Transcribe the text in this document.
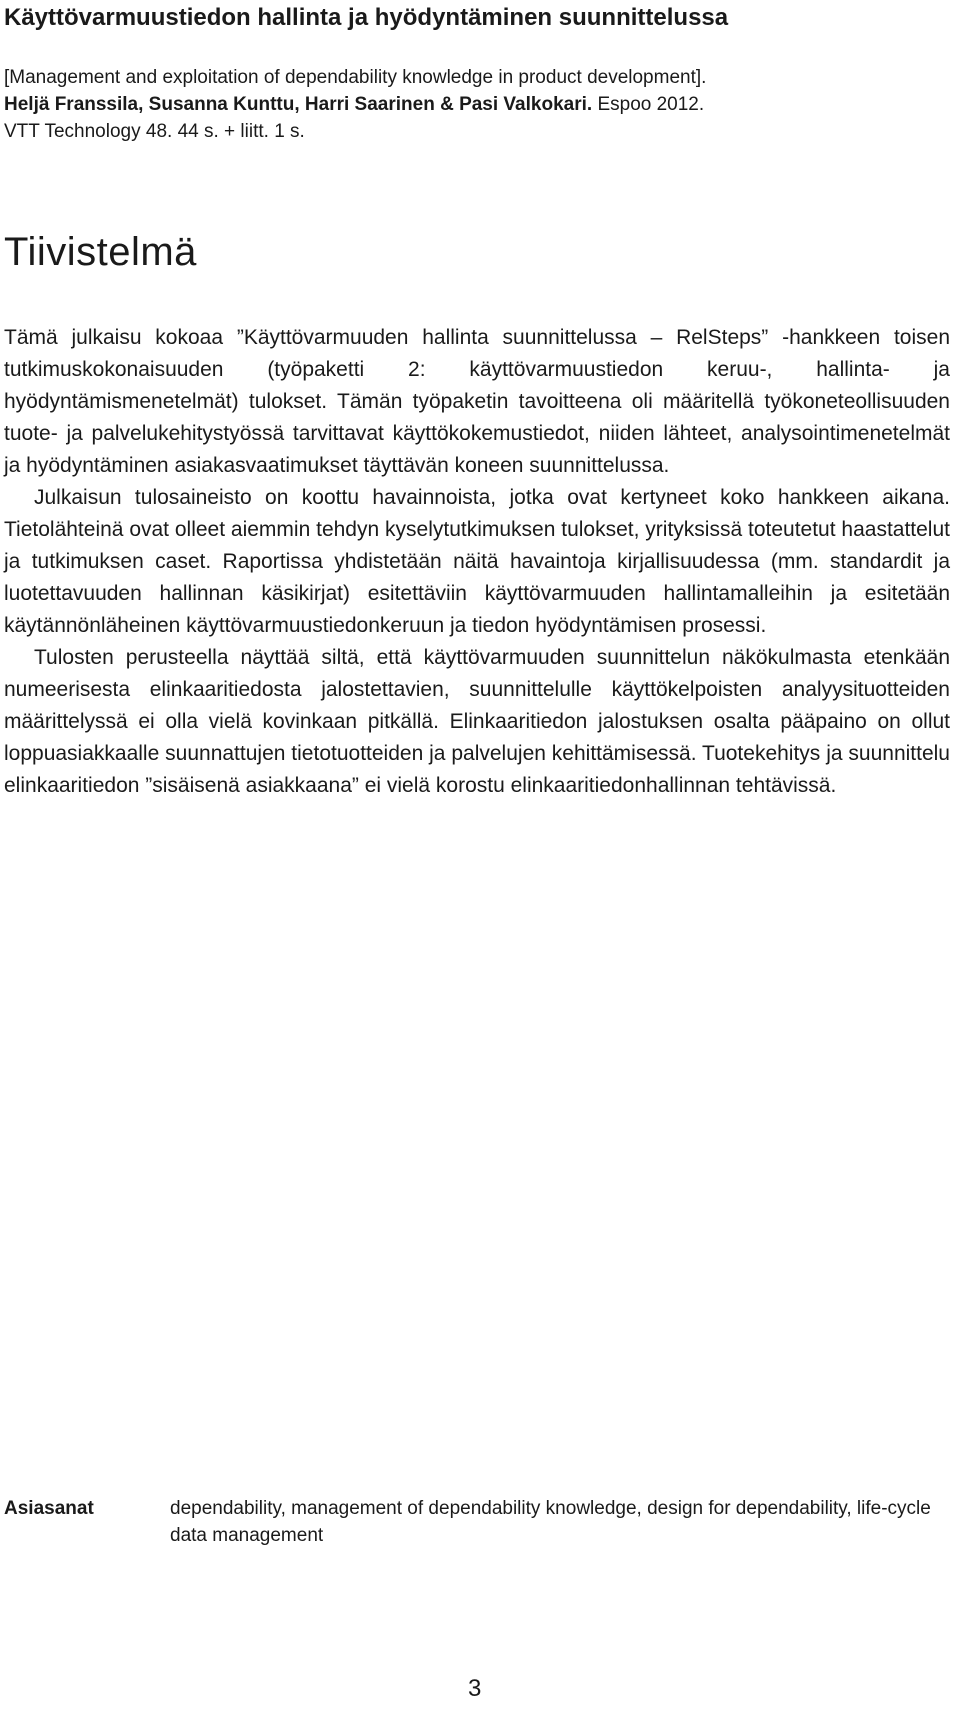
Käyttövarmuustiedon hallinta ja hyödyntäminen suunnittelussa
[Management and exploitation of dependability knowledge in product development].
Heljä Franssila, Susanna Kunttu, Harri Saarinen & Pasi Valkokari. Espoo 2012.
VTT Technology 48. 44 s. + liitt. 1 s.
Tiivistelmä

Tämä julkaisu kokoaa ”Käyttövarmuuden hallinta suunnittelussa – RelSteps” -hankkeen toisen tutkimuskokonaisuuden (työpaketti 2: käyttövarmuustiedon keruu-, hallinta- ja hyödyntämismenetelmät) tulokset. Tämän työpaketin tavoitteena oli määritellä työkoneteollisuuden tuote- ja palvelukehitystyössä tarvittavat käyttökokemustiedot, niiden lähteet, analysointimenetelmät ja hyödyntäminen asiakasvaatimukset täyttävän koneen suunnittelussa.

Julkaisun tulosaineisto on koottu havainnoista, jotka ovat kertyneet koko hankkeen aikana. Tietolähteinä ovat olleet aiemmin tehdyn kyselytutkimuksen tulokset, yrityksissä toteutetut haastattelut ja tutkimuksen caset. Raportissa yhdistetään näitä havaintoja kirjallisuudessa (mm. standardit ja luotettavuuden hallinnan käsikirjat) esitettäviin käyttövarmuuden hallintamalleihin ja esitetään käytännönläheinen käyttövarmuustiedonkeruun ja tiedon hyödyntämisen prosessi.

Tulosten perusteella näyttää siltä, että käyttövarmuuden suunnittelun näkökulmasta etenkään numeerisesta elinkaaritiedosta jalostettavien, suunnittelulle käyttökelpoisten analyysituotteiden määrittelyssä ei olla vielä kovinkaan pitkällä. Elinkaaritiedon jalostuksen osalta pääpaino on ollut loppuasiakkaalle suunnattujen tietotuotteiden ja palvelujen kehittämisessä. Tuotekehitys ja suunnittelu elinkaaritiedon ”sisäisenä asiakkaana” ei vielä korostu elinkaaritiedonhallinnan tehtävissä.

Asiasanat	dependability, management of dependability knowledge, design for dependability, life-cycle data management
3
